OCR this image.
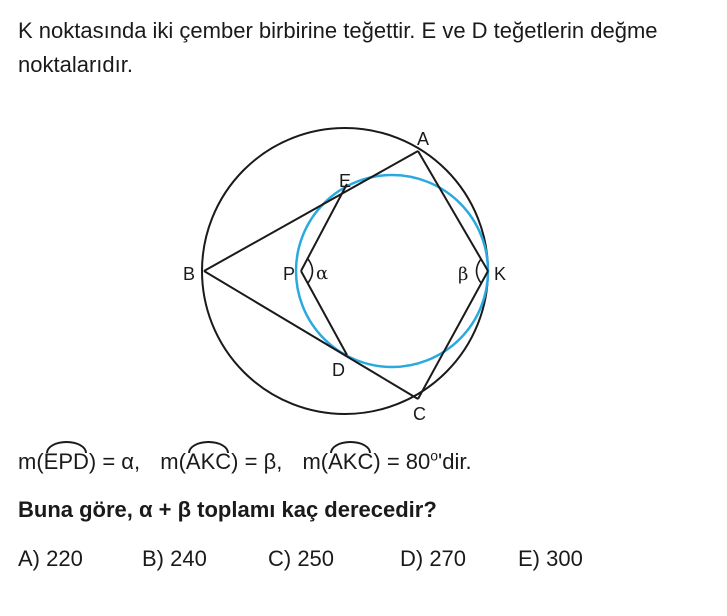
K noktasında iki çember birbirine teğettir. E ve D teğetlerin değme noktalarıdır.

A
E
B	P α	β K
D
C
m(EPD) = α, m(AKC) = β, $m(AKC) = 80^o'dir$.
Buna göre, α + β toplamı kaç derecedir?
A) 220	B) 240	C) 250	D) 270 E) 300
